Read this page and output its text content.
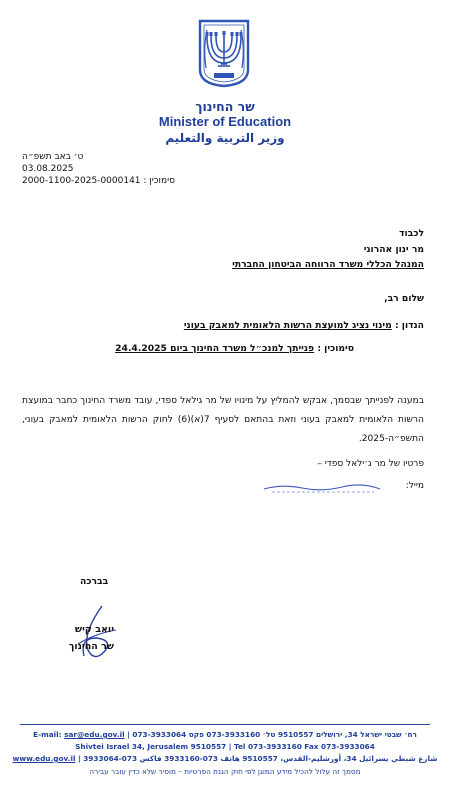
שר החינוך
Minister of Education
وزير التربية والتعليم
ט׳ באב תשפ״ה
03.08.2025
סימוכין : 2000-1100-2025-0000141
לכבוד
מר ינון אהרוני
המנהל הכללי משרד הרווחה הביטחון החברתי
שלום רב,
הנדון : מינוי נציג למועצת הרשות הלאומית למאבק בעוני
סימוכין : פנייתך למנכ״ל משרד החינוך ביום 24.4.2025
במענה לפנייתך שבסמך, אבקש להמליץ על מינויו של מר גילאל ספדי, עובד משרד החינוך כחבר במועצת הרשות הלאומית למאבק בעוני וזאת בהתאם לסעיף 7(א)(6) לחוק הרשות הלאומית למאבק בעוני, התשפ״ה-2025.
פרטיו של מר ג׳ילאל ספדי –
מייל:
בברכה
יואב קיש
שר החינוך
E-mail: sar@edu.gov.il | רח׳ שבטי ישראל 34, ירושלים 9510557 טל׳ 073-3933160 פקס 073-3933064
Shivtei Israel 34, Jerusalem 9510557 | Tel 073-3933160 Fax 073-3933064
www.edu.gov.il | شارع شبطي يسرائيل 34، أورشليم-القدس، 9510557 هاتف 073-3933160 فاكس 073-3933064
מסמך זה עלול להכיל מידע המוגן לפי חוק הגנת הפרטיות – מוסיר שלא כדין עובר עבירה
